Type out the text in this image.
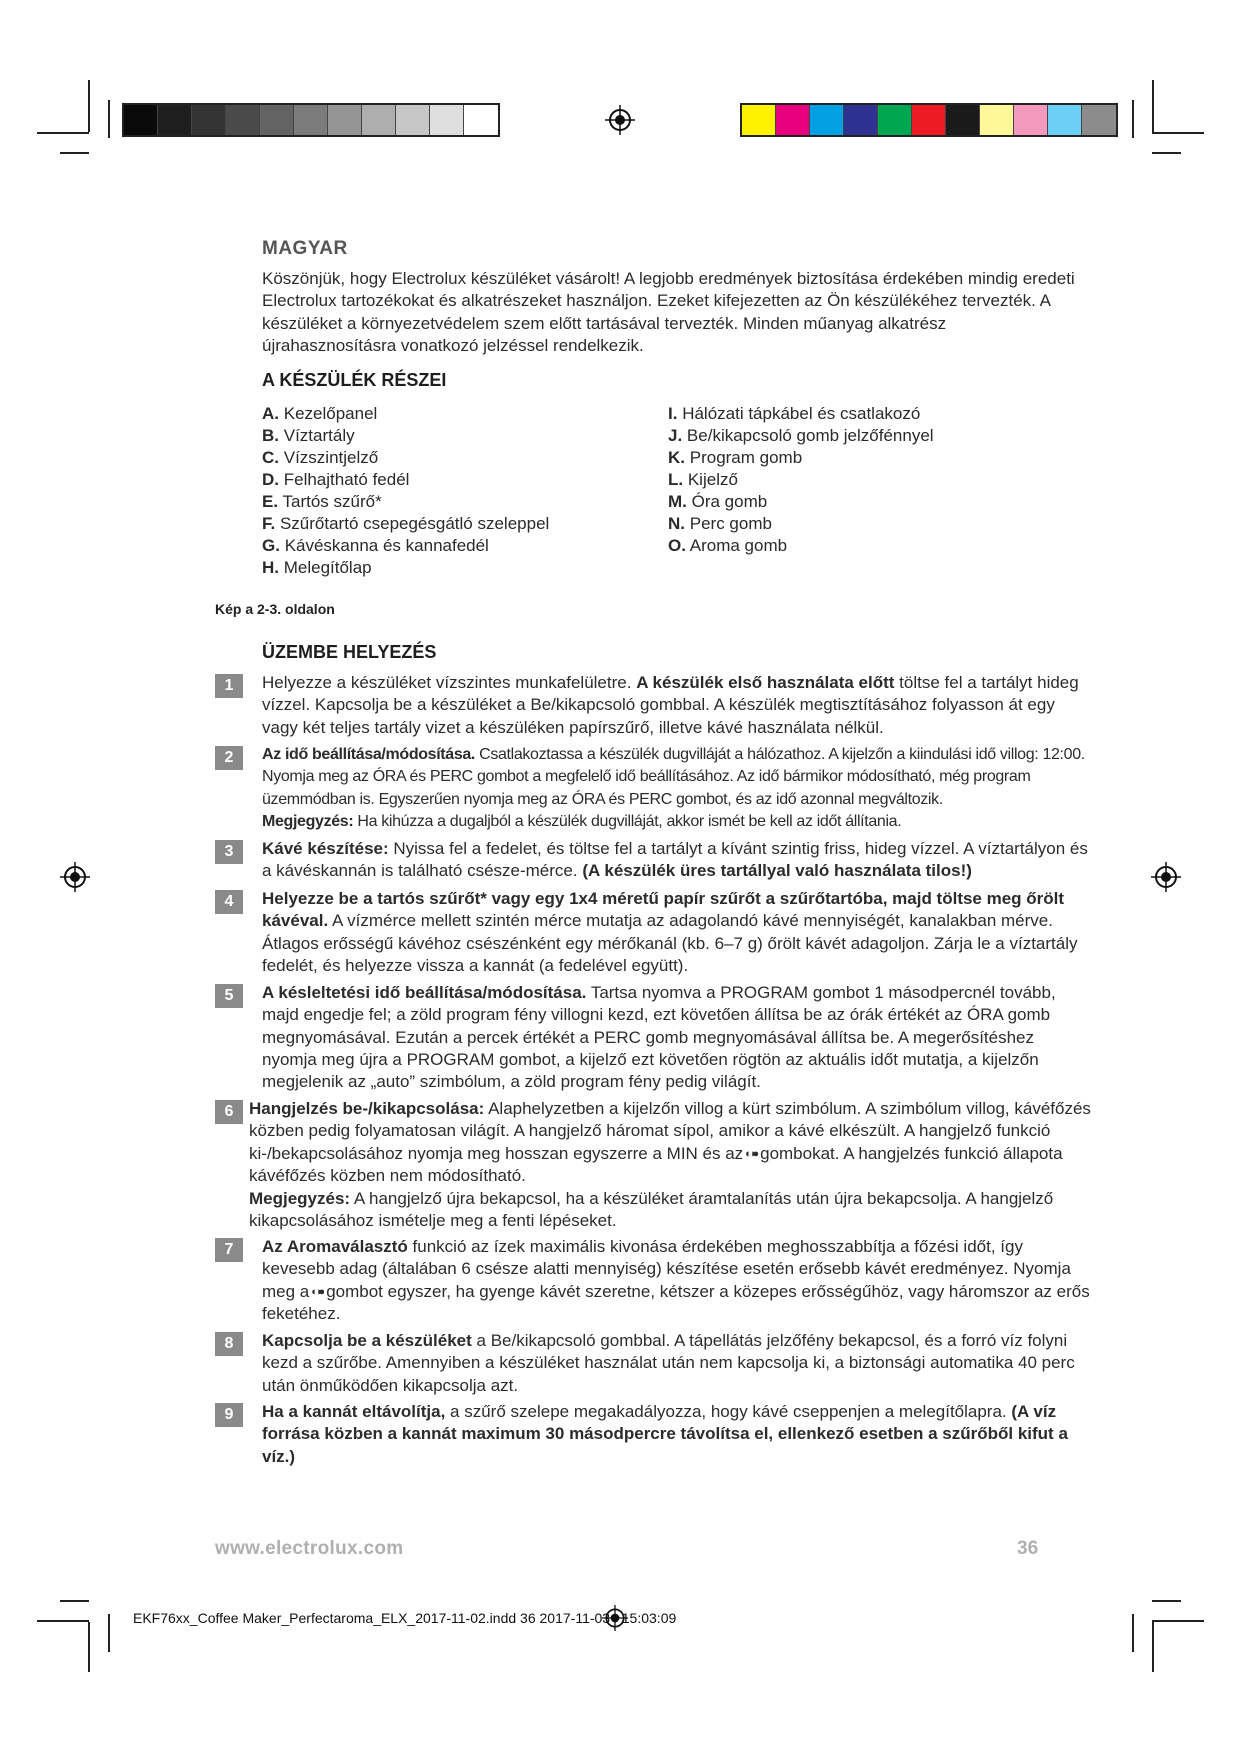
MAGYAR
Köszönjük, hogy Electrolux készüléket vásárolt! A legjobb eredmények biztosítása érdekében mindig eredeti Electrolux tartozékokat és alkatrészeket használjon. Ezeket kifejezetten az Ön készülékéhez tervezték. A készüléket a környezetvédelem szem előtt tartásával tervezték. Minden műanyag alkatrész újrahasznosításra vonatkozó jelzéssel rendelkezik.
A KÉSZÜLÉK RÉSZEI
A. Kezelőpanel
B. Víztartály
C. Vízszintjelző
D. Felhajtható fedél
E. Tartós szűrő*
F. Szűrőtartó csepegésgátló szeleppel
G. Kávéskanna és kannafedél
H. Melegítőlap
I. Hálózati tápkábel és csatlakozó
J. Be/kikapcsoló gomb jelzőfénnyel
K. Program gomb
L. Kijelző
M. Óra gomb
N. Perc gomb
O. Aroma gomb
Kép a 2-3. oldalon
ÜZEMBE HELYEZÉS
1	Helyezze a készüléket vízszintes munkafelületre. A készülék első használata előtt töltse fel a tartályt hideg vízzel. Kapcsolja be a készüléket a Be/kikapcsoló gombbal. A készülék megtisztításához folyasson át egy vagy két teljes tartály vizet a készüléken papírszűrő, illetve kávé használata nélkül.
2	Az idő beállítása/módosítása. Csatlakoztassa a készülék dugvilláját a hálózathoz. A kijelzőn a kiindulási idő villog: 12:00. Nyomja meg az ÓRA és PERC gombot a megfelelő idő beállításához. Az idő bármikor módosítható, még program üzemmódban is. Egyszerűen nyomja meg az ÓRA és PERC gombot, és az idő azonnal megváltozik.
Megjegyzés: Ha kihúzza a dugaljból a készülék dugvilláját, akkor ismét be kell az időt állítania.
3	Kávé készítése: Nyissa fel a fedelet, és töltse fel a tartályt a kívánt szintig friss, hideg vízzel. A víztartályon és a kávéskannán is található csésze-mérce. (A készülék üres tartállyal való használata tilos!)
4	Helyezze be a tartós szűrőt* vagy egy 1x4 méretű papír szűrőt a szűrőtartóba, majd töltse meg őrölt kávéval. A vízmérce mellett szintén mérce mutatja az adagolandó kávé mennyiségét, kanalakban mérve. Átlagos erősségű kávéhoz csészénként egy mérőkanál (kb. 6–7 g) őrölt kávét adagoljon. Zárja le a víztartály fedelét, és helyezze vissza a kannát (a fedelével együtt).
5	A késleltetési idő beállítása/módosítása. Tartsa nyomva a PROGRAM gombot 1 másodpercnél tovább, majd engedje fel; a zöld program fény villogni kezd, ezt követően állítsa be az órák értékét az ÓRA gomb megnyomásával. Ezután a percek értékét a PERC gomb megnyomásával állítsa be. A megerősítéshez nyomja meg újra a PROGRAM gombot, a kijelző ezt követően rögtön az aktuális időt mutatja, a kijelzőn megjelenik az „auto” szimbólum, a zöld program fény pedig világít.
6 Hangjelzés be-/kikapcsolása: Alaphelyzetben a kijelzőn villog a kürt szimbólum. A szimbólum villog, kávéfőzés közben pedig folyamatosan világít. A hangjelző háromat sípol, amikor a kávé elkészült. A hangjelző funkció ki-/bekapcsolásához nyomja meg hosszan egyszerre a MIN és az ◐◑● gombokat. A hangjelzés funkció állapota kávéfőzés közben nem módosítható.
Megjegyzés: A hangjelző újra bekapcsol, ha a készüléket áramtalanítás után újra bekapcsolja. A hangjelző kikapcsolásához ismételje meg a fenti lépéseket.
7	Az Aromaválasztó funkció az ízek maximális kivonása érdekében meghosszabbítja a főzési időt, így kevesebb adag (általában 6 csésze alatti mennyiség) készítése esetén erősebb kávét eredményez. Nyomja meg a ◐◑● gombot egyszer, ha gyenge kávét szeretne, kétszer a közepes erősségűhöz, vagy háromszor az erős feketéhez.
8	Kapcsolja be a készüléket a Be/kikapcsoló gombbal. A tápellátás jelzőfény bekapcsol, és a forró víz folyni kezd a szűrőbe. Amennyiben a készüléket használat után nem kapcsolja ki, a biztonsági automatika 40 perc után önműködően kikapcsolja azt.
9	Ha a kannát eltávolítja, a szűrő szelepe megakadályozza, hogy kávé cseppenjen a melegítőlapra. (A víz forrása közben a kannát maximum 30 másodpercre távolítsa el, ellenkező esetben a szűrőből kifut a víz.)
www.electrolux.com	36
EKF76xx_Coffee Maker_Perfectaroma_ELX_2017-11-02.indd 36 2017-11-03 15:03:09
